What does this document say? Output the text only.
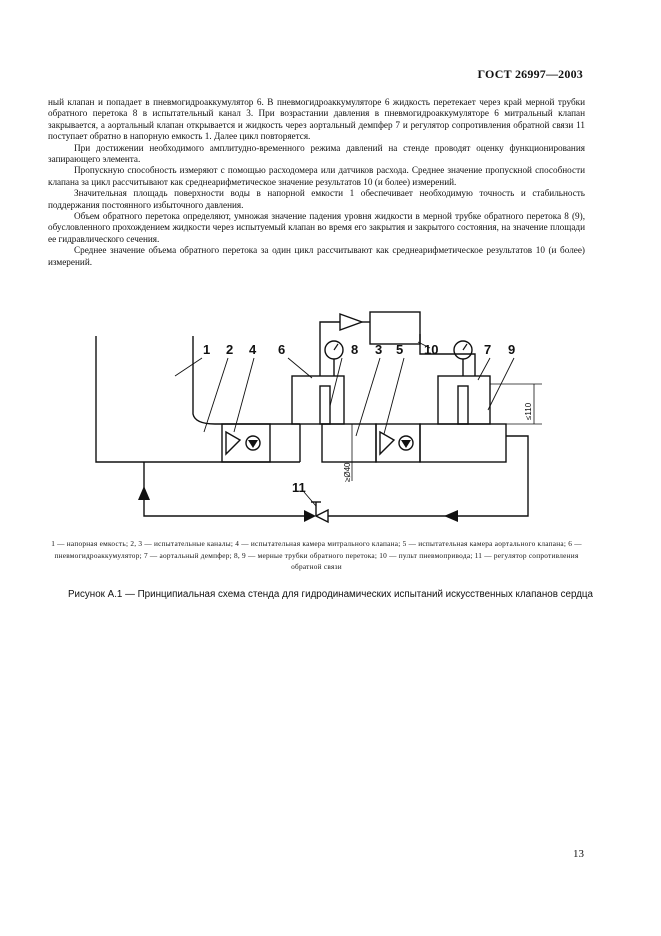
ГОСТ 26997—2003

ный клапан и попадает в пневмогидроаккумулятор 6. В пневмогидроаккумуляторе 6 жидкость перетекает через край мерной трубки обратного перетока 8 в испытательный канал 3. При возрастании давления в пневмогидроаккумуляторе 6 митральный клапан закрывается, а аортальный клапан открывается и жидкость через аортальный демпфер 7 и регулятор сопротивления обратной связи 11 поступает обратно в напорную емкость 1. Далее цикл повторяется.

При достижении необходимого амплитудно-временного режима давлений на стенде проводят оценку функционирования запирающего элемента.

Пропускную способность измеряют с помощью расходомера или датчиков расхода. Среднее значение пропускной способности клапана за цикл рассчитывают как среднеарифметическое значение результатов 10 (и более) измерений.

Значительная площадь поверхности воды в напорной емкости 1 обеспечивает необходимую точность и стабильность поддержания постоянного избыточного давления.

Объем обратного перетока определяют, умножая значение падения уровня жидкости в мерной трубке обратного перетока 8 (9), обусловленного прохождением жидкости через испытуемый клапан во время его закрытия и закрытого состояния, на значение площади ее гидравлического сечения.

Среднее значение объема обратного перетока за один цикл рассчитывают как среднеарифметическое результатов 10 (и более) измерений.

1 2 4 6	8 3 5 10	7 9
11
≤110
≥Ø40
1 — напорная емкость; 2, 3 — испытательные каналы; 4 — испытательная камера митрального клапана; 5 — испытательная камера аортального клапана; 6 — пневмогидроаккумулятор; 7 — аортальный демпфер; 8, 9 — мерные трубки обратного перетока; 10 — пульт пневмопривода; 11 — регулятор сопротивления обратной связи
Рисунок А.1 — Принципиальная схема стенда для гидродинамических испытаний искусственных клапанов сердца
13
